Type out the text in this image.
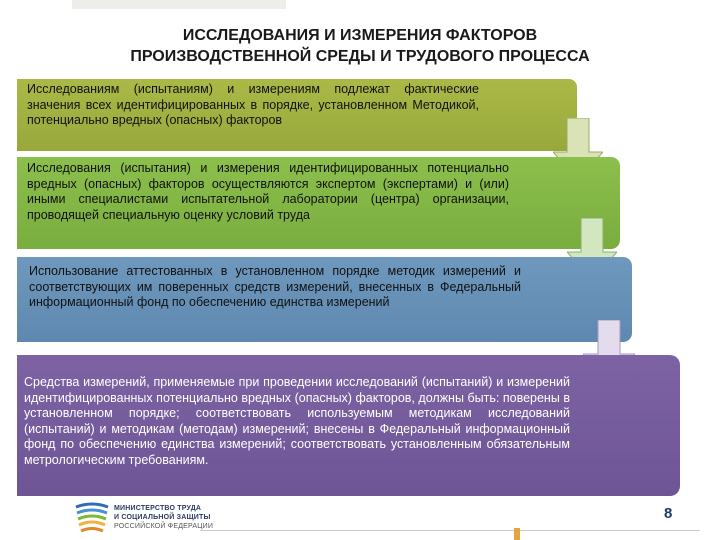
ИССЛЕДОВАНИЯ И ИЗМЕРЕНИЯ ФАКТОРОВ
ПРОИЗВОДСТВЕННОЙ СРЕДЫ И ТРУДОВОГО ПРОЦЕССА
Исследованиям (испытаниям) и измерениям подлежат фактические значения всех идентифицированных в порядке, установленном Методикой, потенциально вредных (опасных) факторов
Исследования (испытания) и измерения идентифицированных потенциально вредных (опасных) факторов осуществляются экспертом (экспертами) и (или) иными специалистами испытательной лаборатории (центра) организации, проводящей специальную оценку условий труда
Использование аттестованных в установленном порядке методик измерений и соответствующих им поверенных средств измерений, внесенных в Федеральный информационный фонд по обеспечению единства измерений
Средства измерений, применяемые при проведении исследований (испытаний) и измерений идентифицированных потенциально вредных (опасных) факторов, должны быть: поверены в установленном порядке; соответствовать используемым методикам исследований (испытаний) и методикам (методам) измерений; внесены в Федеральный информационный фонд по обеспечению единства измерений; соответствовать установленным обязательным метрологическим требованиям.
МИНИСТЕРСТВО ТРУДА
И СОЦИАЛЬНОЙ ЗАЩИТЫ
РОССИЙСКОЙ ФЕДЕРАЦИИ
8
